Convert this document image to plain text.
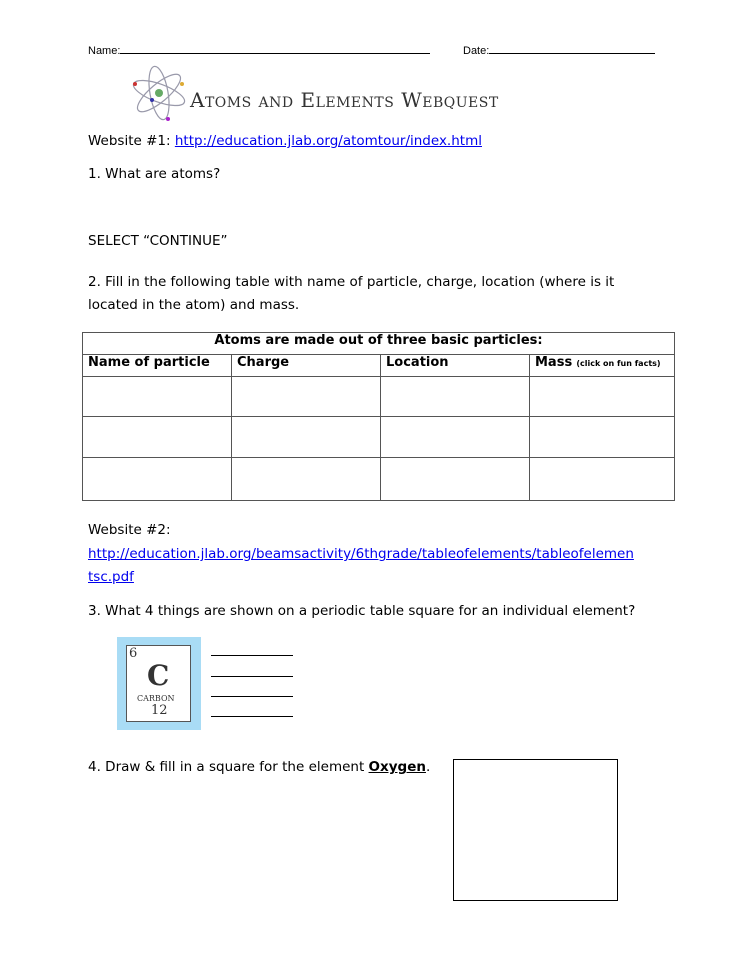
Name:	Date:
Atoms and Elements Webquest
Website #1: http://education.jlab.org/atomtour/index.html
1. What are atoms?
SELECT “CONTINUE”
2. Fill in the following table with name of particle, charge, location (where is it
located in the atom) and mass.
Atoms are made out of three basic particles:			
Name of particle	Charge	Location	Mass (click on fun facts)

Website #2:
http://education.jlab.org/beamsactivity/6thgrade/tableofelements/tableofelemen
tsc.pdf
3. What 4 things are shown on a periodic table square for an individual element?
6
C
CARBON
12
4. Draw & fill in a square for the element Oxygen.
